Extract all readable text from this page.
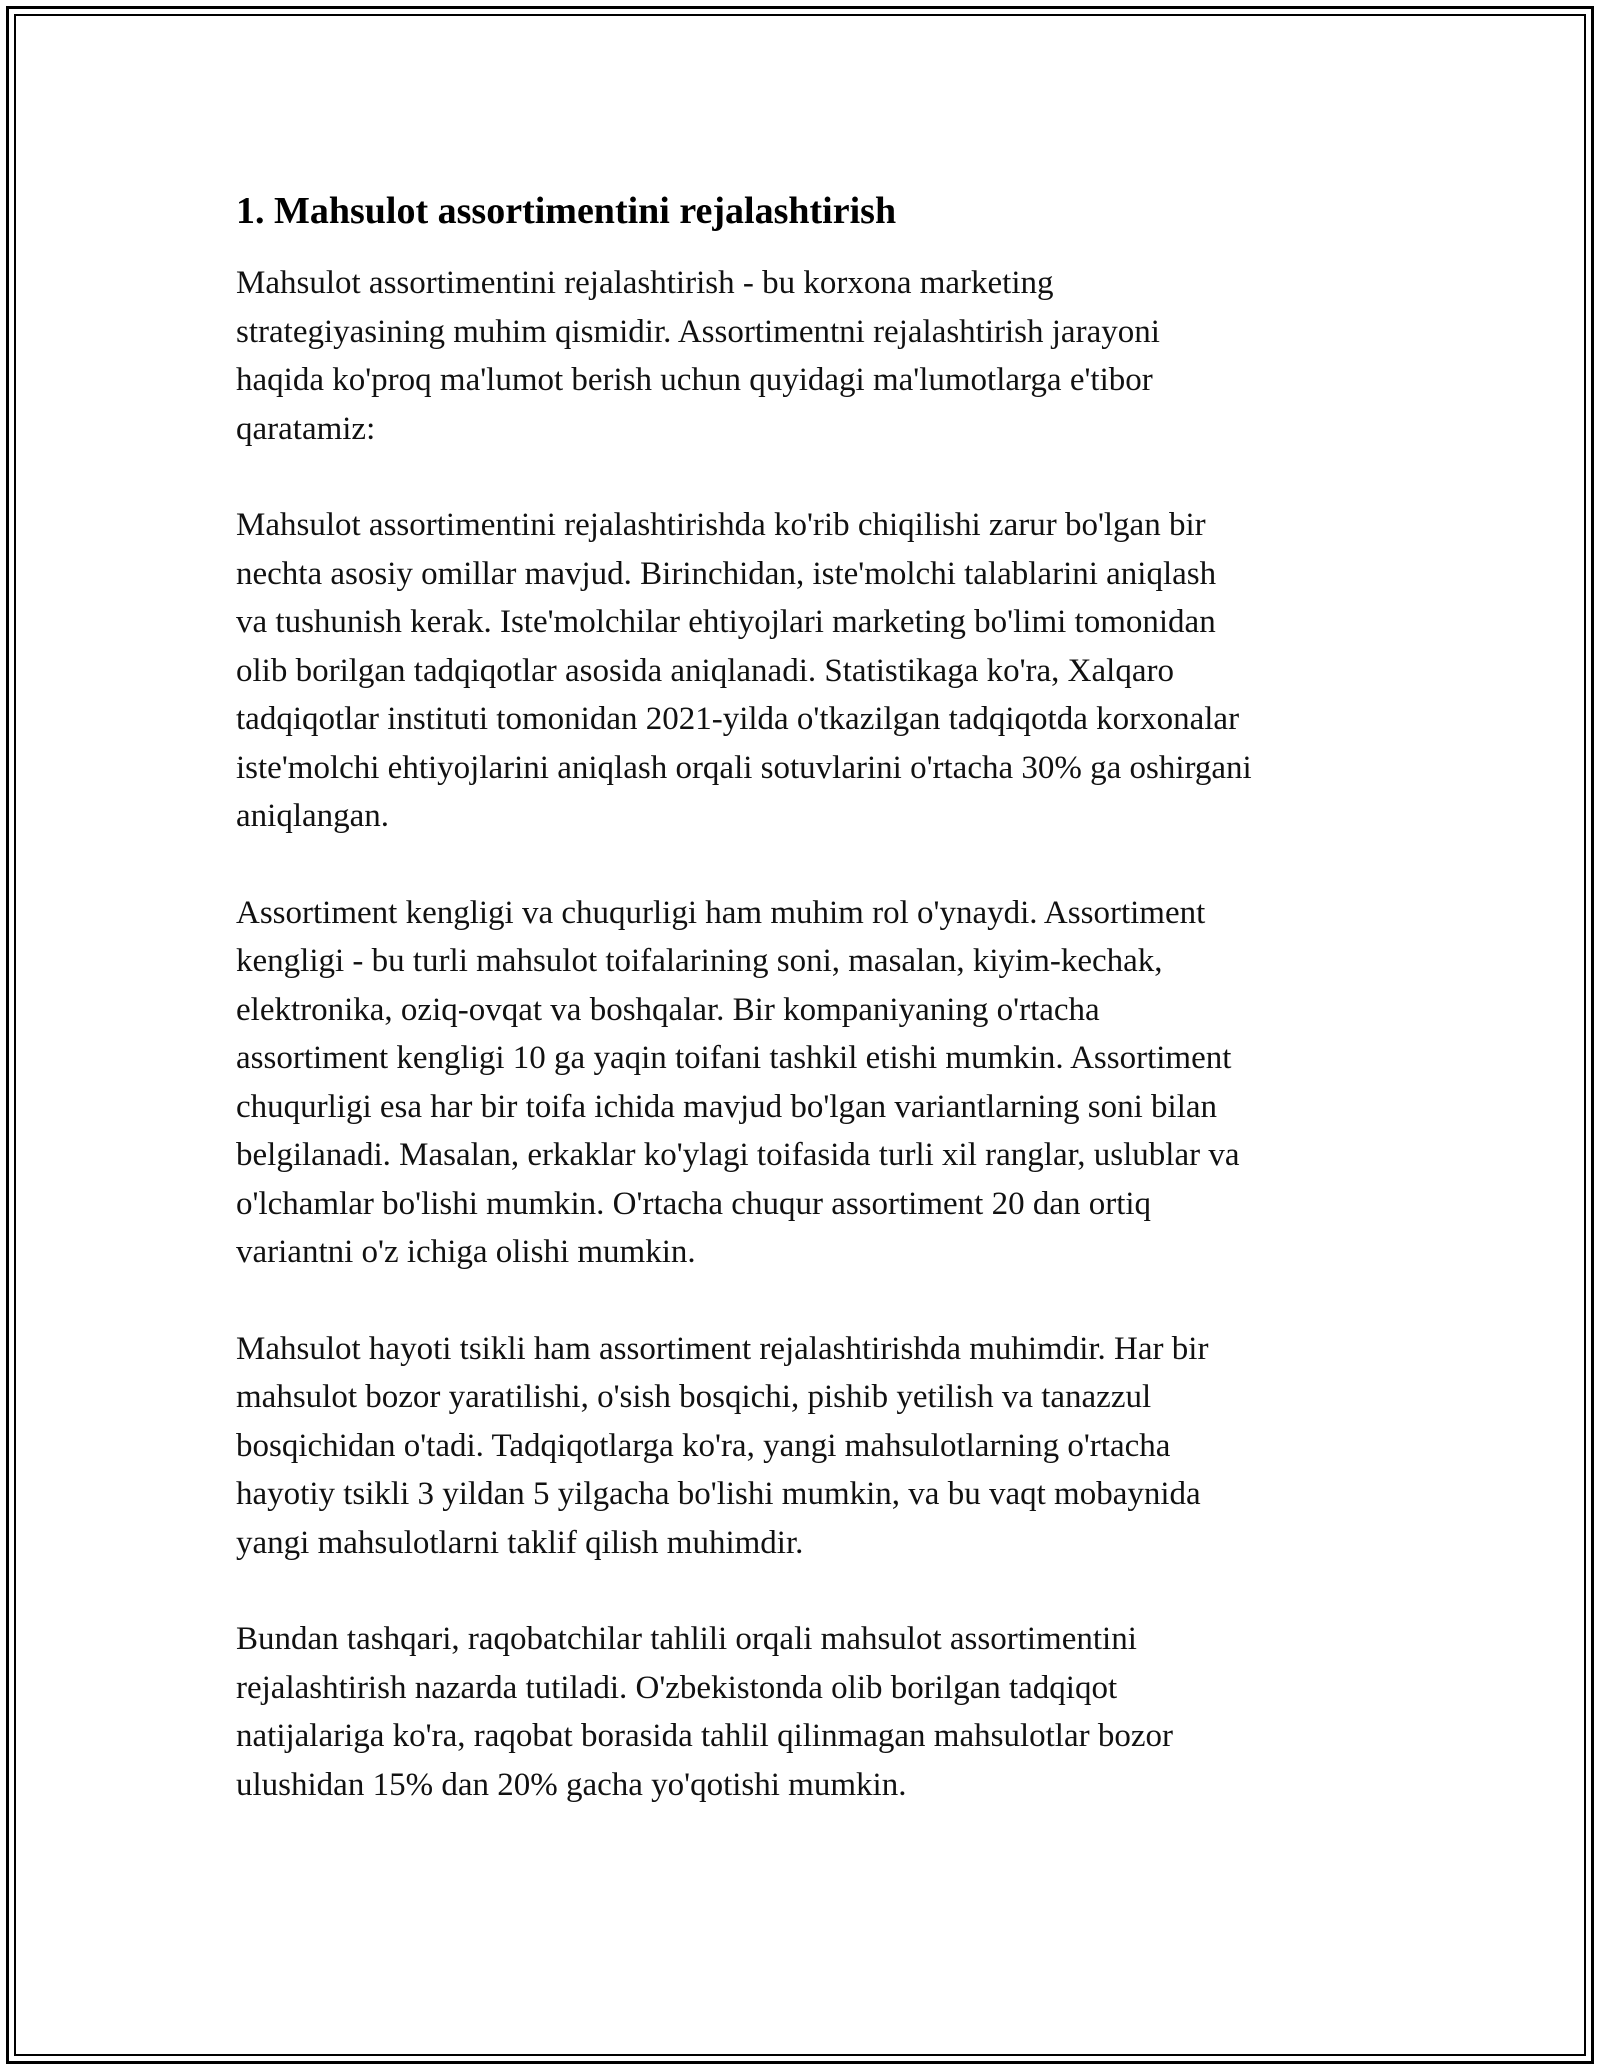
1. Mahsulot assortimentini rejalashtirish

Mahsulot assortimentini rejalashtirish - bu korxona marketing
strategiyasining muhim qismidir. Assortimentni rejalashtirish jarayoni
haqida ko'proq ma'lumot berish uchun quyidagi ma'lumotlarga e'tibor
qaratamiz:

Mahsulot assortimentini rejalashtirishda ko'rib chiqilishi zarur bo'lgan bir
nechta asosiy omillar mavjud. Birinchidan, iste'molchi talablarini aniqlash
va tushunish kerak. Iste'molchilar ehtiyojlari marketing bo'limi tomonidan
olib borilgan tadqiqotlar asosida aniqlanadi. Statistikaga ko'ra, Xalqaro
tadqiqotlar instituti tomonidan 2021-yilda o'tkazilgan tadqiqotda korxonalar
iste'molchi ehtiyojlarini aniqlash orqali sotuvlarini o'rtacha 30% ga oshirgani
aniqlangan.

Assortiment kengligi va chuqurligi ham muhim rol o'ynaydi. Assortiment
kengligi - bu turli mahsulot toifalarining soni, masalan, kiyim-kechak,
elektronika, oziq-ovqat va boshqalar. Bir kompaniyaning o'rtacha
assortiment kengligi 10 ga yaqin toifani tashkil etishi mumkin. Assortiment
chuqurligi esa har bir toifa ichida mavjud bo'lgan variantlarning soni bilan
belgilanadi. Masalan, erkaklar ko'ylagi toifasida turli xil ranglar, uslublar va
o'lchamlar bo'lishi mumkin. O'rtacha chuqur assortiment 20 dan ortiq
variantni o'z ichiga olishi mumkin.

Mahsulot hayoti tsikli ham assortiment rejalashtirishda muhimdir. Har bir
mahsulot bozor yaratilishi, o'sish bosqichi, pishib yetilish va tanazzul
bosqichidan o'tadi. Tadqiqotlarga ko'ra, yangi mahsulotlarning o'rtacha
hayotiy tsikli 3 yildan 5 yilgacha bo'lishi mumkin, va bu vaqt mobaynida
yangi mahsulotlarni taklif qilish muhimdir.

Bundan tashqari, raqobatchilar tahlili orqali mahsulot assortimentini
rejalashtirish nazarda tutiladi. O'zbekistonda olib borilgan tadqiqot
natijalariga ko'ra, raqobat borasida tahlil qilinmagan mahsulotlar bozor
ulushidan 15% dan 20% gacha yo'qotishi mumkin.
